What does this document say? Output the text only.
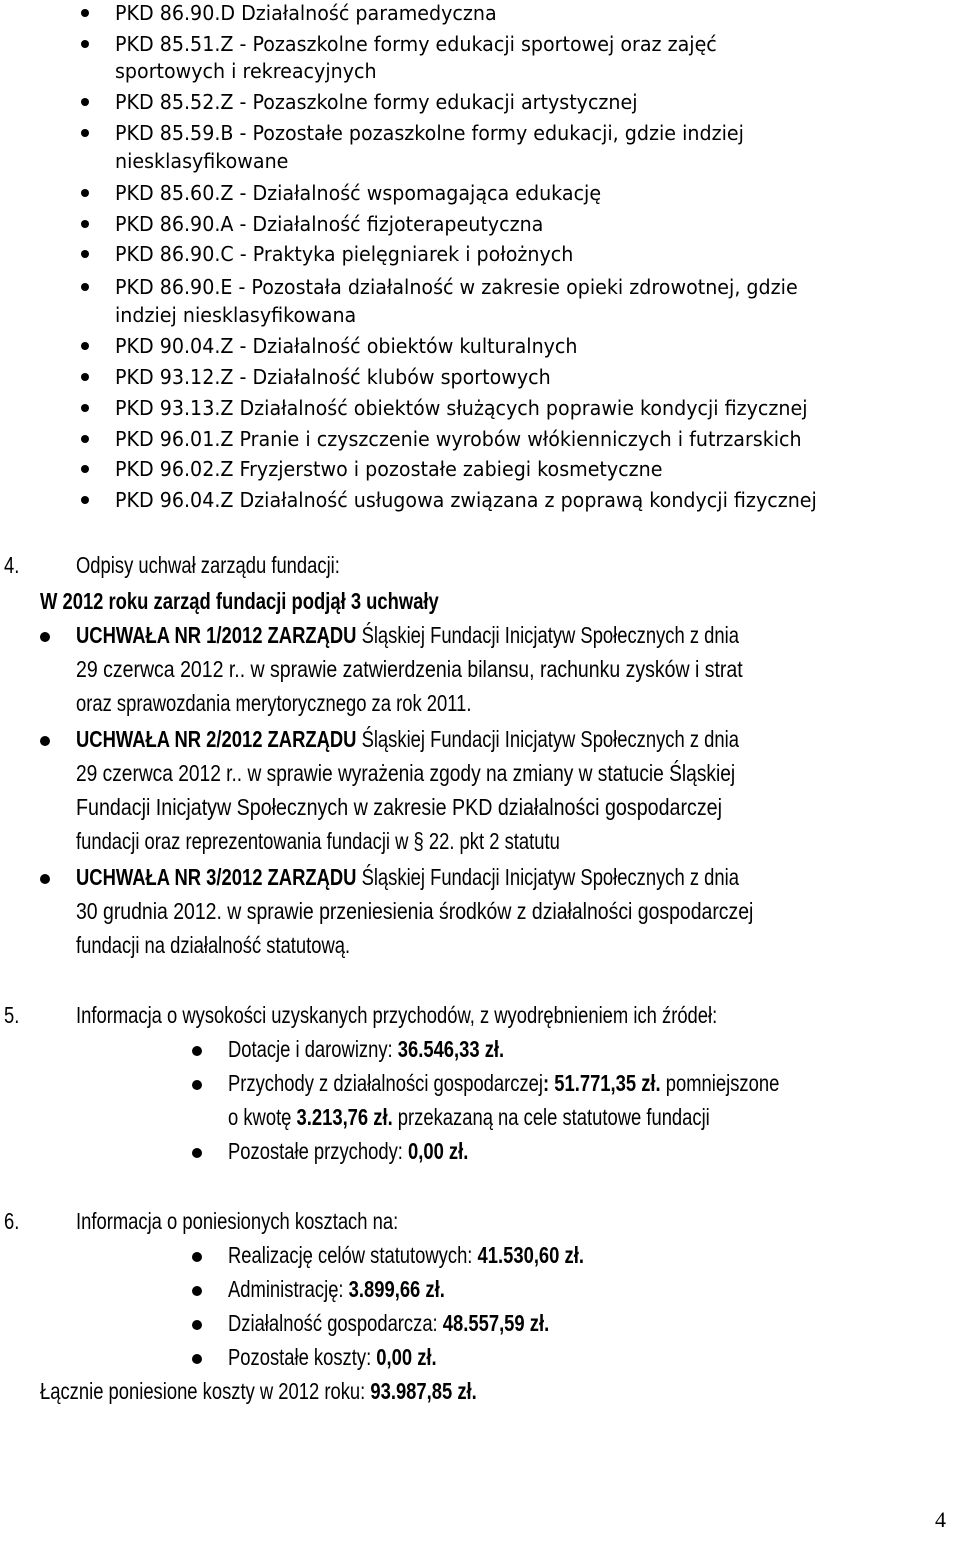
PKD 86.90.D Działalność paramedyczna
PKD 85.51.Z - Pozaszkolne formy edukacji sportowej oraz zajęć
sportowych i rekreacyjnych
PKD 85.52.Z - Pozaszkolne formy edukacji artystycznej
PKD 85.59.B - Pozostałe pozaszkolne formy edukacji, gdzie indziej
niesklasyfikowane
PKD 85.60.Z - Działalność wspomagająca edukację
PKD 86.90.A - Działalność fizjoterapeutyczna
PKD 86.90.C - Praktyka pielęgniarek i położnych
PKD 86.90.E - Pozostała działalność w zakresie opieki zdrowotnej, gdzie
indziej niesklasyfikowana
PKD 90.04.Z - Działalność obiektów kulturalnych
PKD 93.12.Z - Działalność klubów sportowych
PKD 93.13.Z Działalność obiektów służących poprawie kondycji fizycznej
PKD 96.01.Z Pranie i czyszczenie wyrobów włókienniczych i futrzarskich
PKD 96.02.Z Fryzjerstwo i pozostałe zabiegi kosmetyczne
PKD 96.04.Z Działalność usługowa związana z poprawą kondycji fizycznej
4. Odpisy uchwał zarządu fundacji:
W 2012 roku zarząd fundacji podjął 3 uchwały
UCHWAŁA NR 1/2012 ZARZĄDU Śląskiej Fundacji Inicjatyw Społecznych z dnia
29 czerwca 2012 r.. w sprawie zatwierdzenia bilansu, rachunku zysków i strat
oraz sprawozdania merytorycznego za rok 2011.
UCHWAŁA NR 2/2012 ZARZĄDU Śląskiej Fundacji Inicjatyw Społecznych z dnia
29 czerwca 2012 r.. w sprawie wyrażenia zgody na zmiany w statucie Śląskiej
Fundacji Inicjatyw Społecznych w zakresie PKD działalności gospodarczej
fundacji oraz reprezentowania fundacji w § 22. pkt 2 statutu
UCHWAŁA NR 3/2012 ZARZĄDU Śląskiej Fundacji Inicjatyw Społecznych z dnia
30 grudnia 2012. w sprawie przeniesienia środków z działalności gospodarczej
fundacji na działalność statutową.
5. Informacja o wysokości uzyskanych przychodów, z wyodrębnieniem ich źródeł:
Dotacje i darowizny: 36.546,33 zł.
Przychody z działalności gospodarczej: 51.771,35 zł. pomniejszone
o kwotę 3.213,76 zł. przekazaną na cele statutowe fundacji
Pozostałe przychody: 0,00 zł.
6. Informacja o poniesionych kosztach na:
Realizację celów statutowych: 41.530,60 zł.
Administrację: 3.899,66 zł.
Działalność gospodarcza: 48.557,59 zł.
Pozostałe koszty: 0,00 zł.
Łącznie poniesione koszty w 2012 roku: 93.987,85 zł.
4
